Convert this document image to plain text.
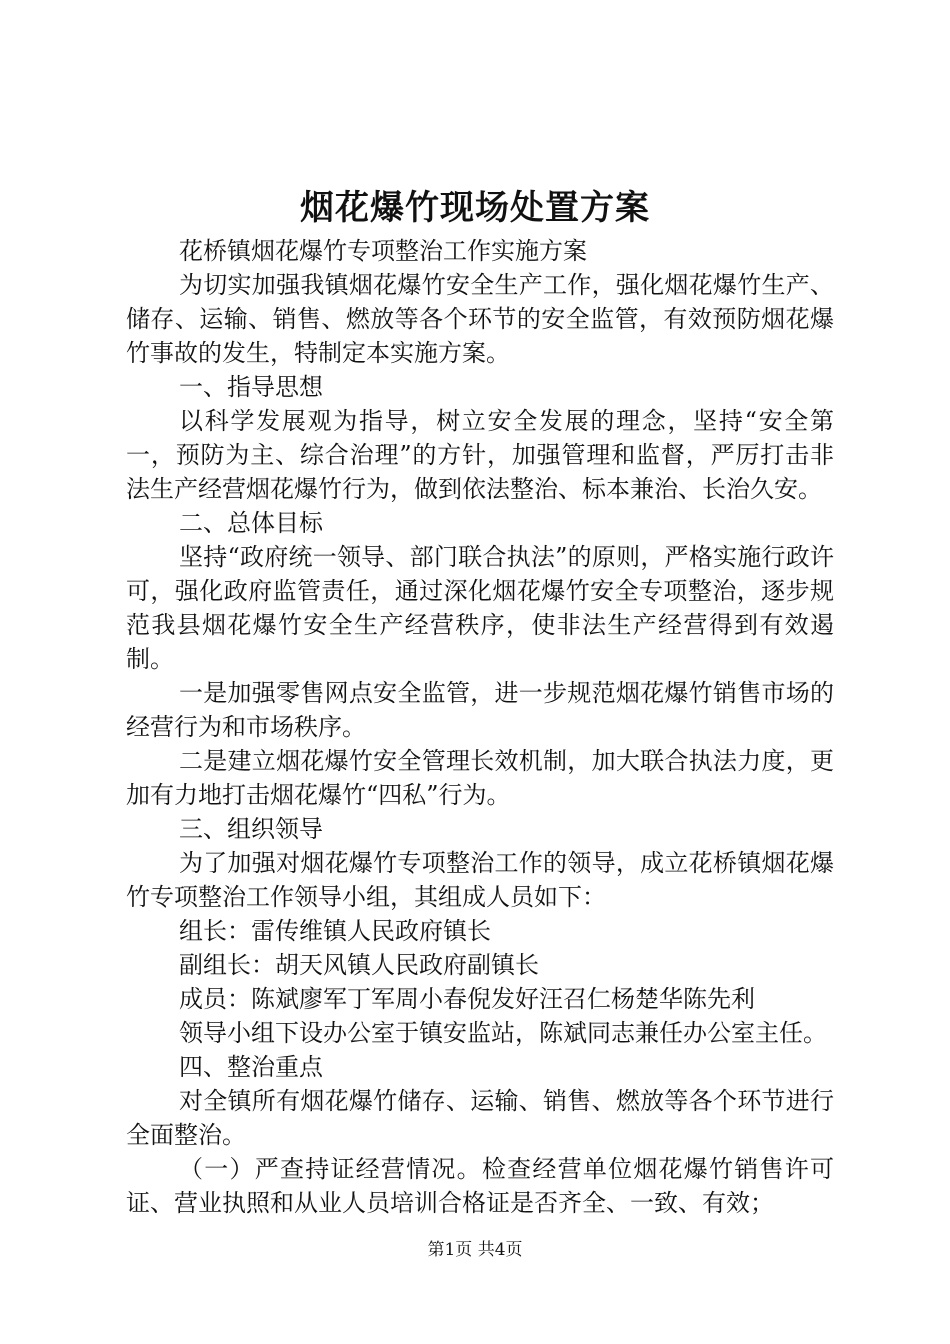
烟花爆竹现场处置方案

花桥镇烟花爆竹专项整治工作实施方案

为切实加强我镇烟花爆竹安全生产工作，强化烟花爆竹生产、储存、运输、销售、燃放等各个环节的安全监管，有效预防烟花爆竹事故的发生，特制定本实施方案。

一、指导思想

以科学发展观为指导，树立安全发展的理念，坚持“安全第一，预防为主、综合治理”的方针，加强管理和监督，严厉打击非法生产经营烟花爆竹行为，做到依法整治、标本兼治、长治久安。

二、总体目标

坚持“政府统一领导、部门联合执法”的原则，严格实施行政许可，强化政府监管责任，通过深化烟花爆竹安全专项整治，逐步规范我县烟花爆竹安全生产经营秩序，使非法生产经营得到有效遏制。

一是加强零售网点安全监管，进一步规范烟花爆竹销售市场的经营行为和市场秩序。

二是建立烟花爆竹安全管理长效机制，加大联合执法力度，更加有力地打击烟花爆竹“四私”行为。

三、组织领导

为了加强对烟花爆竹专项整治工作的领导，成立花桥镇烟花爆竹专项整治工作领导小组，其组成人员如下：

组长：雷传维镇人民政府镇长

副组长：胡天风镇人民政府副镇长

成员：陈斌廖军丁军周小春倪发好汪召仁杨楚华陈先利

领导小组下设办公室于镇安监站，陈斌同志兼任办公室主任。

四、整治重点

对全镇所有烟花爆竹储存、运输、销售、燃放等各个环节进行全面整治。

（一）严查持证经营情况。检查经营单位烟花爆竹销售许可证、营业执照和从业人员培训合格证是否齐全、一致、有效；

第1页 共4页
